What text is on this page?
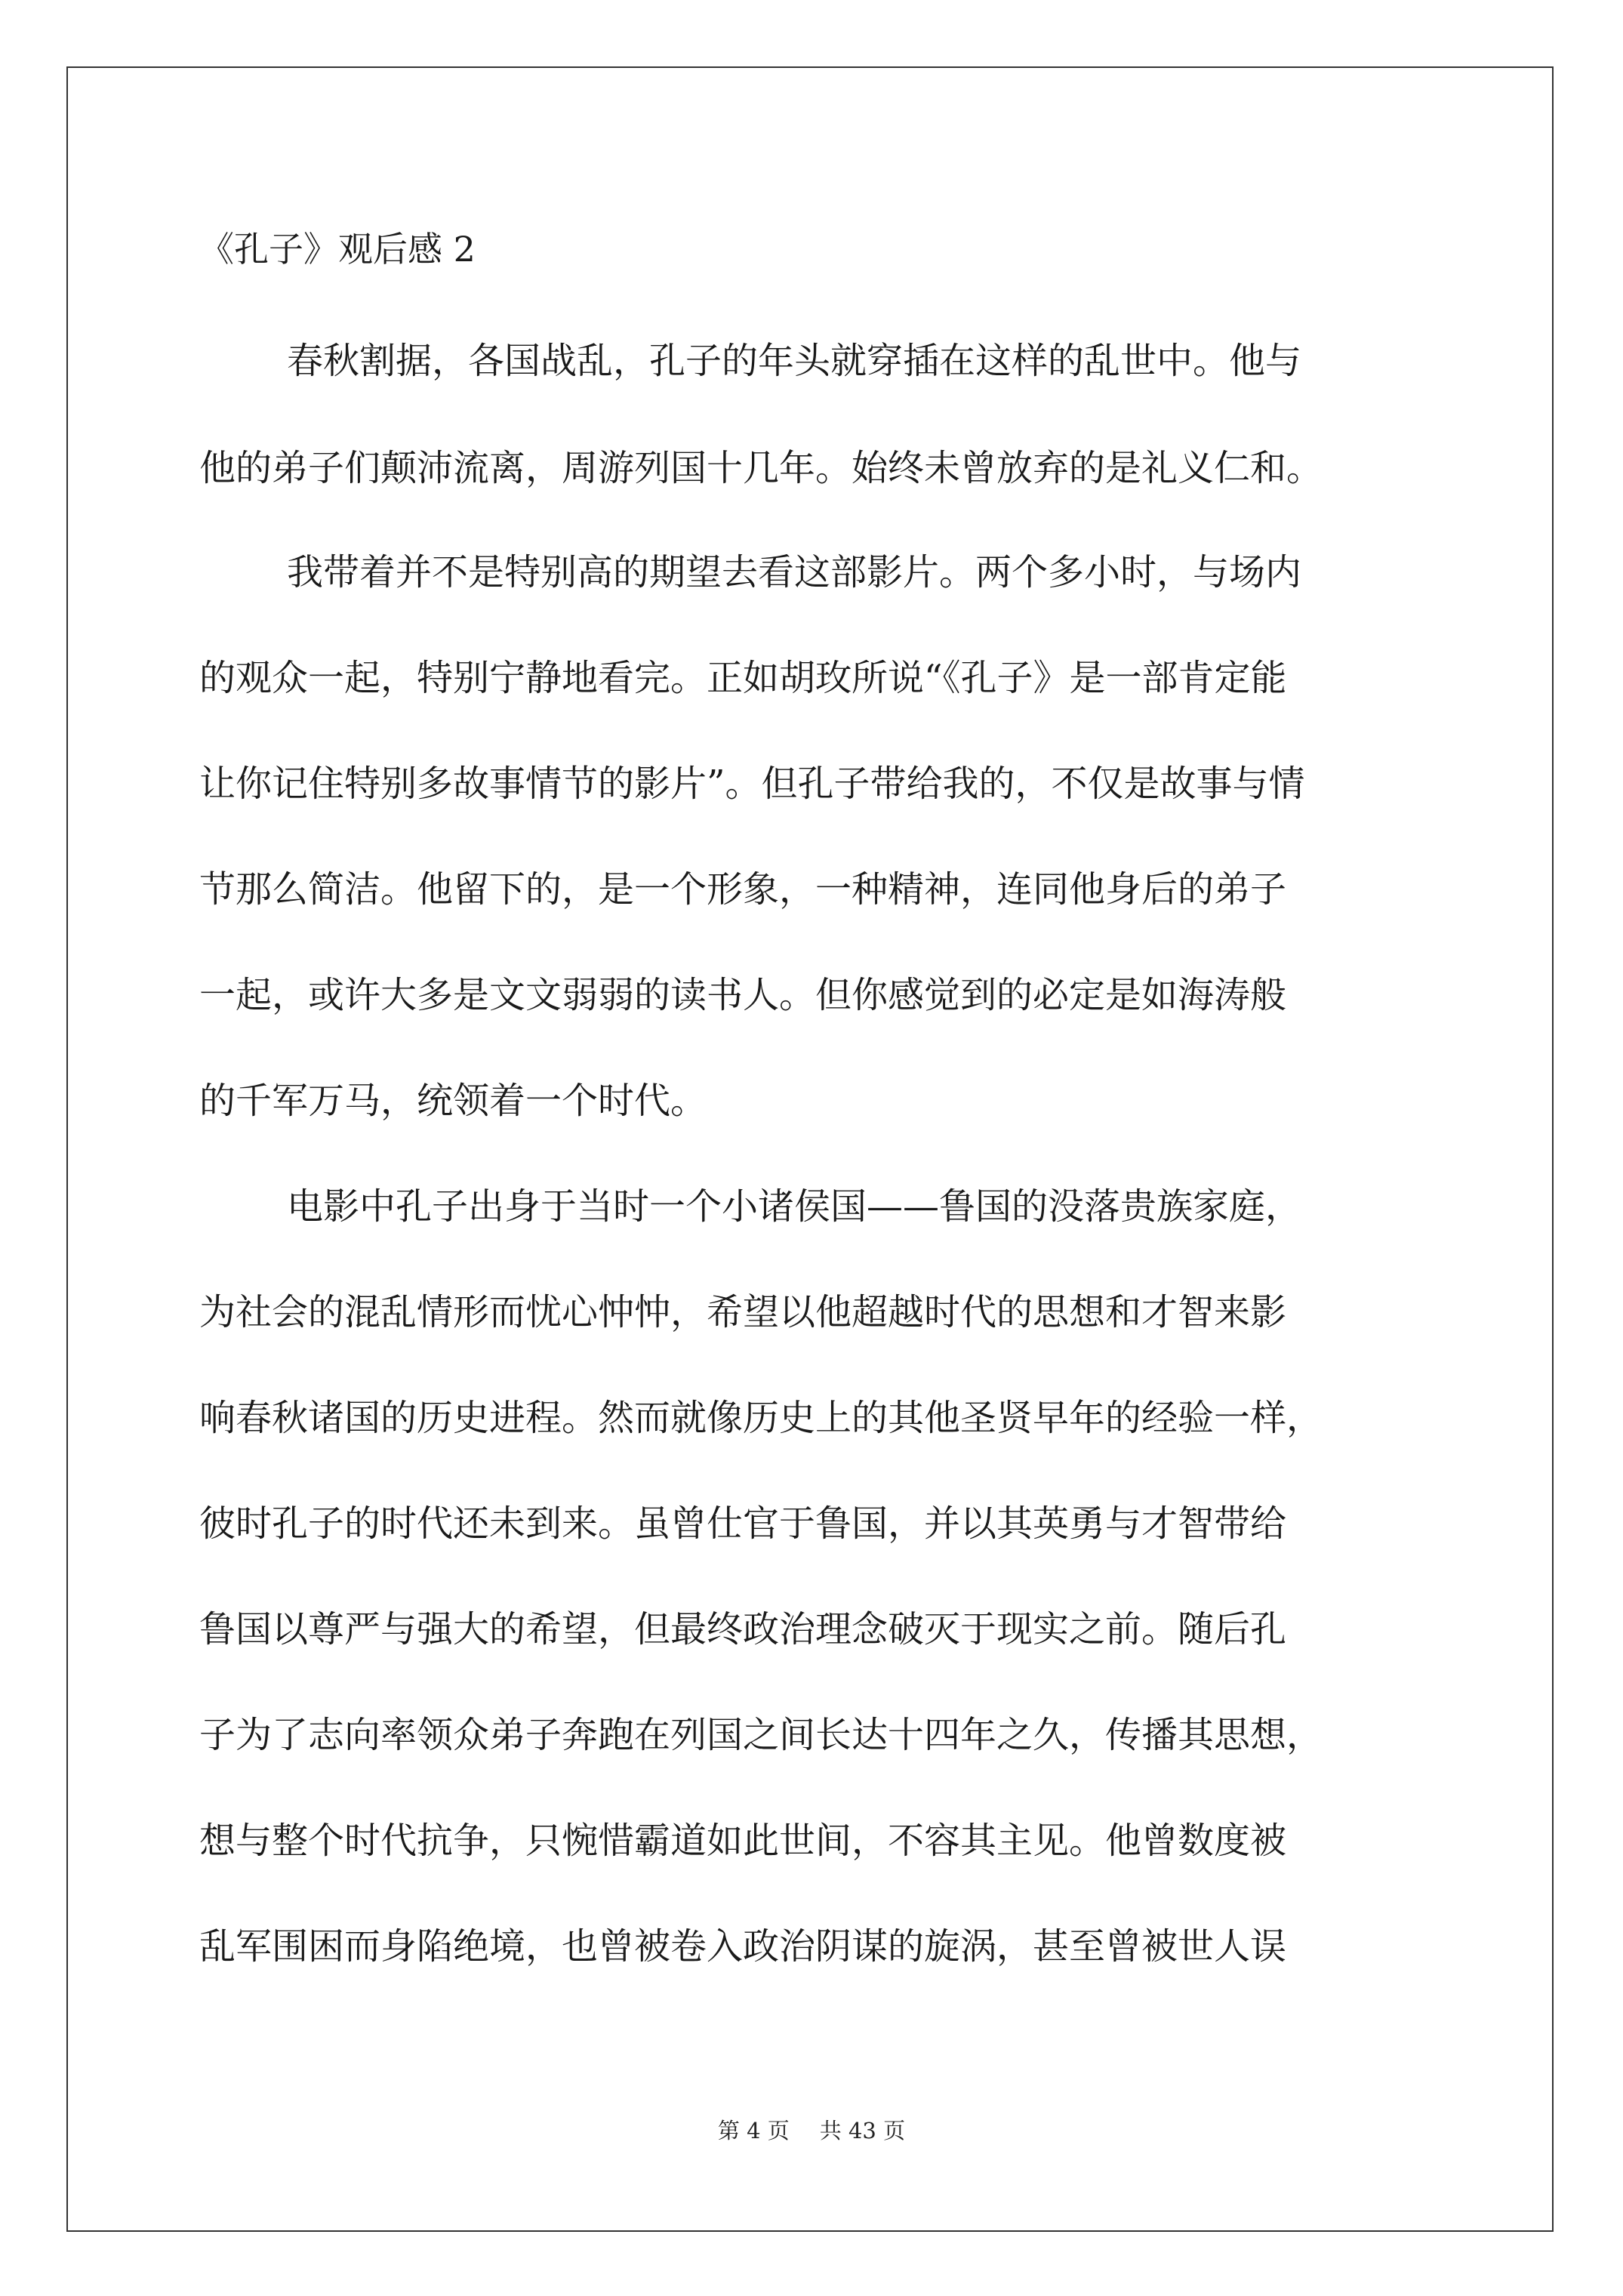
《孔子》观后感 2
春秋割据，各国战乱，孔子的年头就穿插在这样的乱世中。他与
他的弟子们颠沛流离，周游列国十几年。始终未曾放弃的是礼义仁和。
我带着并不是特别高的期望去看这部影片。两个多小时，与场内
的观众一起，特别宁静地看完。正如胡玫所说“《孔子》是一部肯定能
让你记住特别多故事情节的影片”。但孔子带给我的，不仅是故事与情
节那么简洁。他留下的，是一个形象，一种精神，连同他身后的弟子
一起，或许大多是文文弱弱的读书人。但你感觉到的必定是如海涛般
的千军万马，统领着一个时代。
电影中孔子出身于当时一个小诸侯国——鲁国的没落贵族家庭，
为社会的混乱情形而忧心忡忡，希望以他超越时代的思想和才智来影
响春秋诸国的历史进程。然而就像历史上的其他圣贤早年的经验一样，
彼时孔子的时代还未到来。虽曾仕官于鲁国，并以其英勇与才智带给
鲁国以尊严与强大的希望，但最终政治理念破灭于现实之前。随后孔
子为了志向率领众弟子奔跑在列国之间长达十四年之久，传播其思想，
想与整个时代抗争，只惋惜霸道如此世间，不容其主见。他曾数度被
乱军围困而身陷绝境，也曾被卷入政治阴谋的旋涡，甚至曾被世人误
第 4 页 共 43 页
